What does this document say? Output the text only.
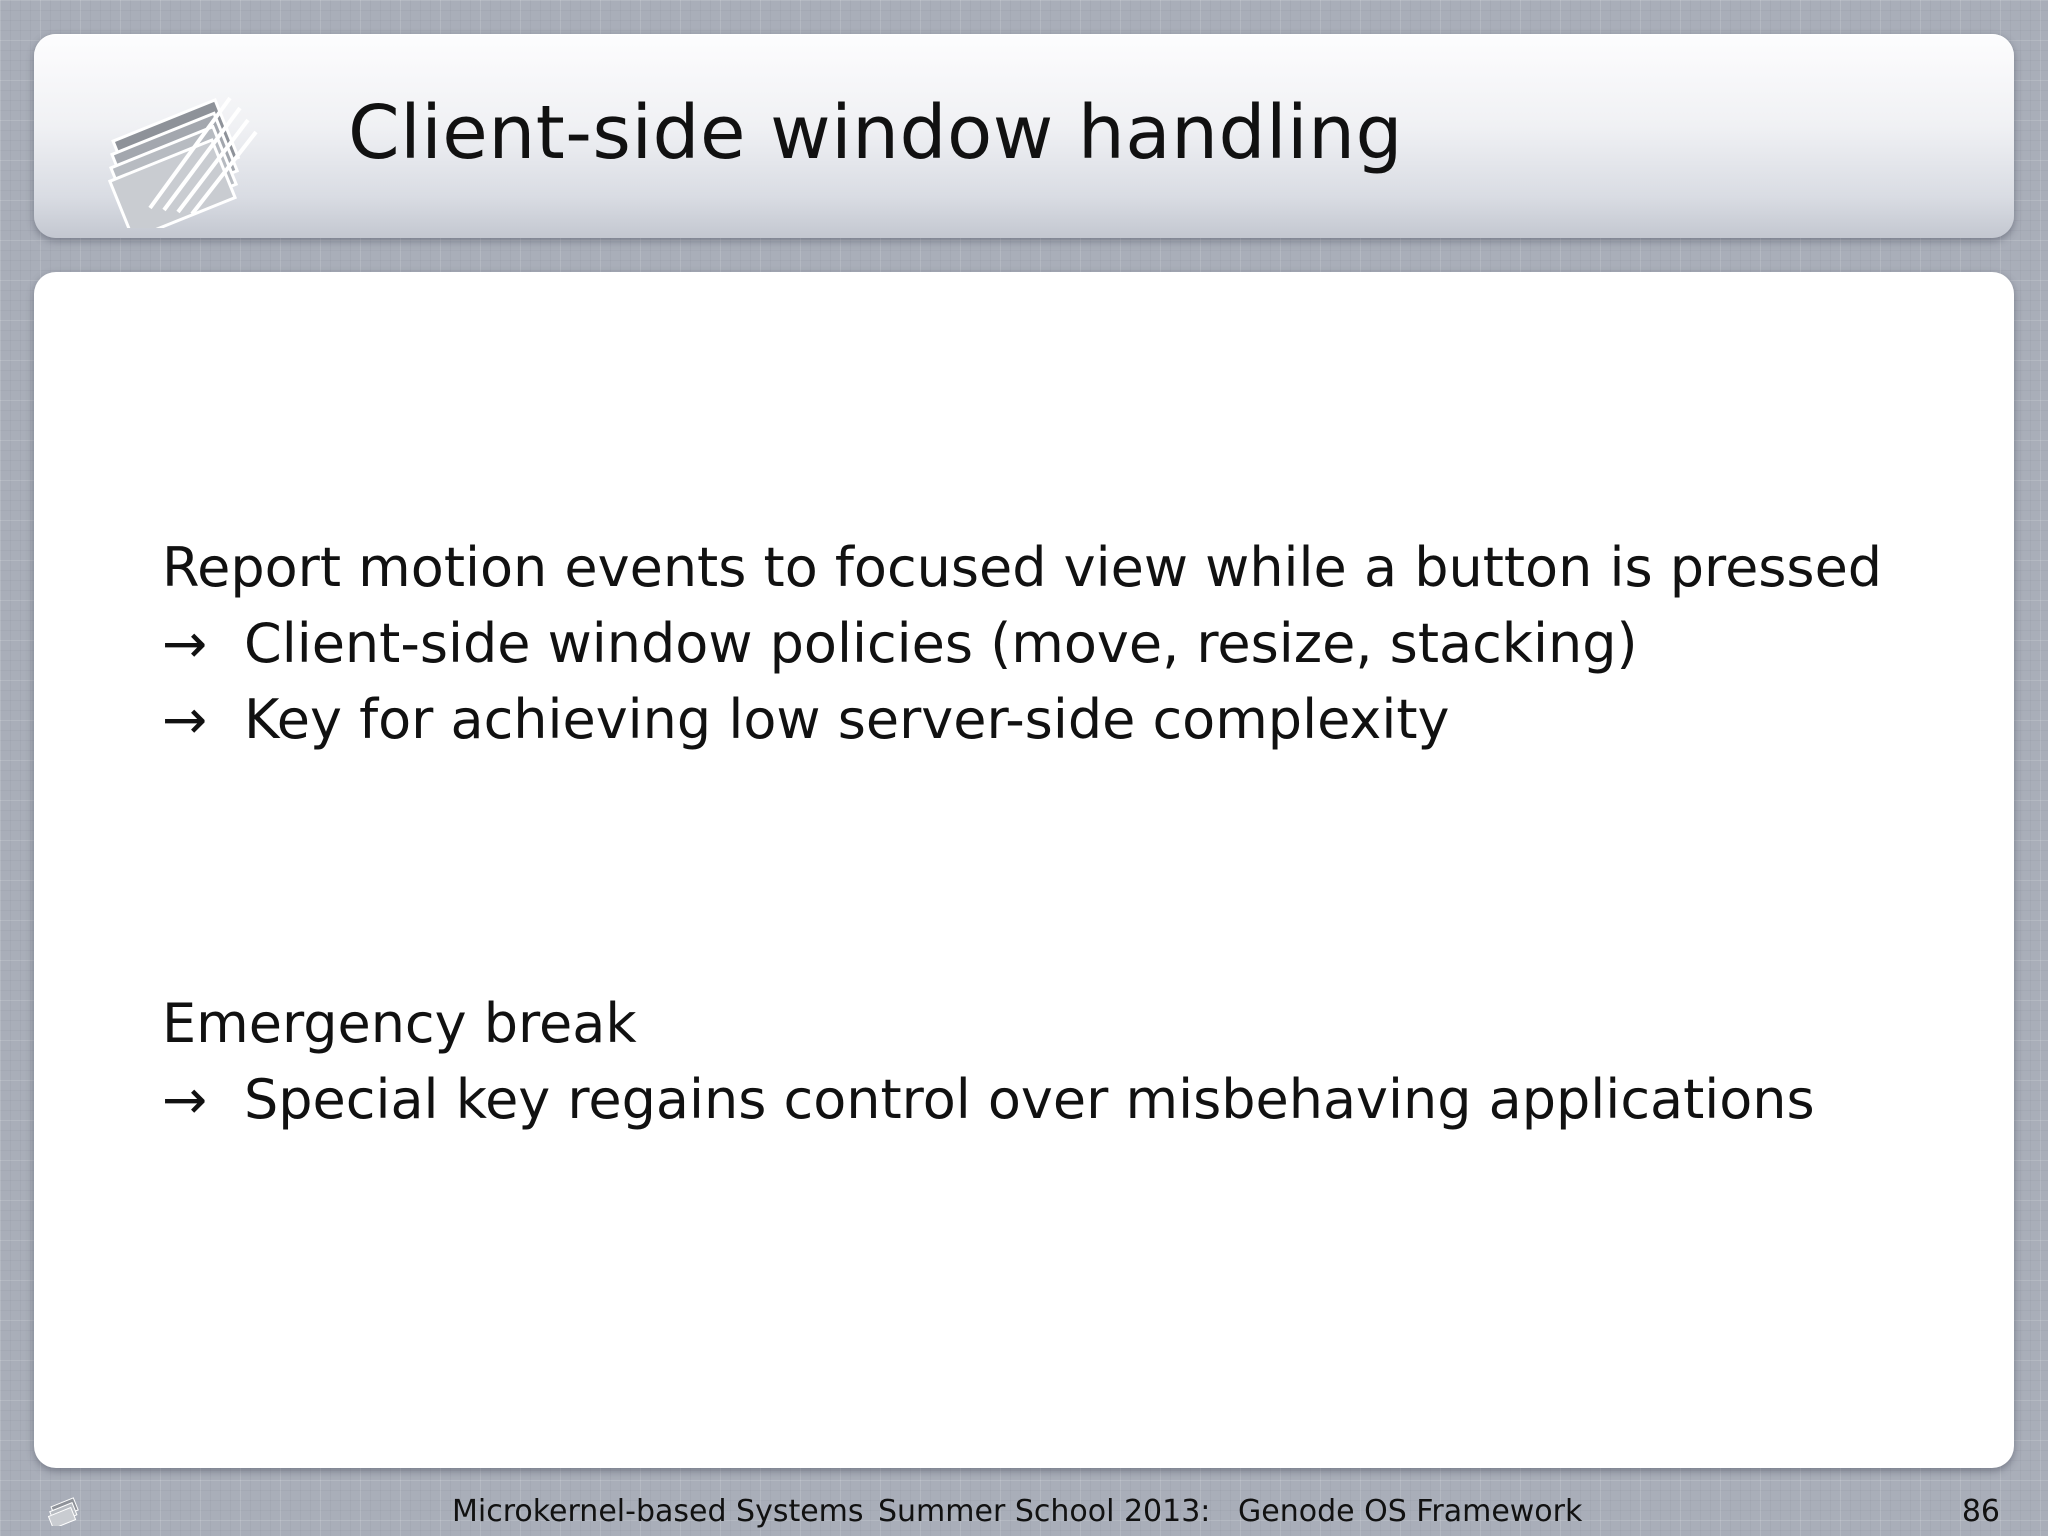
Client-side window handling
Report motion events to focused view while a button is pressed
→ Client-side window policies (move, resize, stacking)
→ Key for achieving low server-side complexity
Emergency break
→ Special key regains control over misbehaving applications
Microkernel-based Systems Summer School 2013: Genode OS Framework	86
